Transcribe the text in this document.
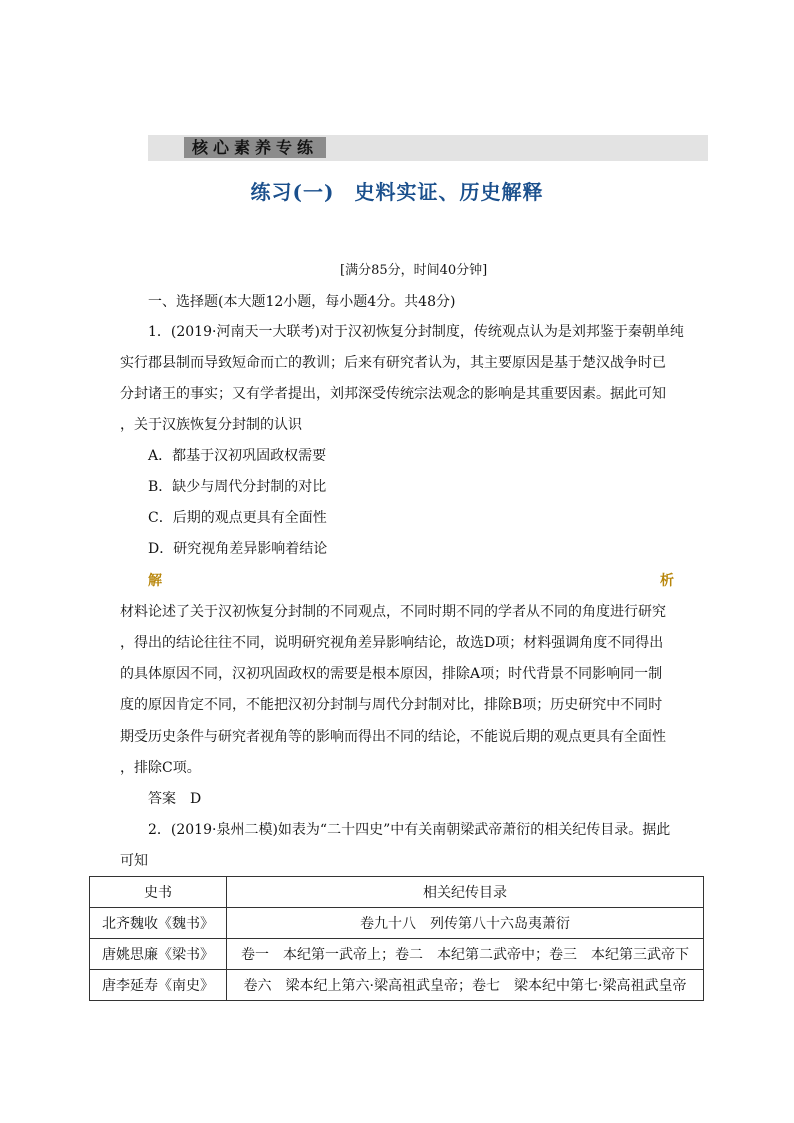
核心素养专练
练习(一) 史料实证、历史解释
[满分85分，时间40分钟]
一、选择题(本大题12小题，每小题4分。共48分)
1．(2019·河南天一大联考)对于汉初恢复分封制度，传统观点认为是刘邦鉴于秦朝单纯
实行郡县制而导致短命而亡的教训；后来有研究者认为，其主要原因是基于楚汉战争时已
分封诸王的事实；又有学者提出，刘邦深受传统宗法观念的影响是其重要因素。据此可知
，关于汉族恢复分封制的认识
A．都基于汉初巩固政权需要
B．缺少与周代分封制的对比
C．后期的观点更具有全面性
D．研究视角差异影响着结论
解	析
材料论述了关于汉初恢复分封制的不同观点，不同时期不同的学者从不同的角度进行研究
，得出的结论往往不同，说明研究视角差异影响结论，故选D项；材料强调角度不同得出
的具体原因不同，汉初巩固政权的需要是根本原因，排除A项；时代背景不同影响同一制
度的原因肯定不同，不能把汉初分封制与周代分封制对比，排除B项；历史研究中不同时
期受历史条件与研究者视角等的影响而得出不同的结论，不能说后期的观点更具有全面性
，排除C项。
答案　D
2．(2019·泉州二模)如表为“二十四史”中有关南朝梁武帝萧衍的相关纪传目录。据此
可知
史书	相关纪传目录
北齐魏收《魏书》	卷九十八　列传第八十六岛夷萧衍
唐姚思廉《梁书》	卷一　本纪第一武帝上；卷二　本纪第二武帝中；卷三　本纪第三武帝下
唐李延寿《南史》	卷六　梁本纪上第六·梁高祖武皇帝；卷七　梁本纪中第七·梁高祖武皇帝
